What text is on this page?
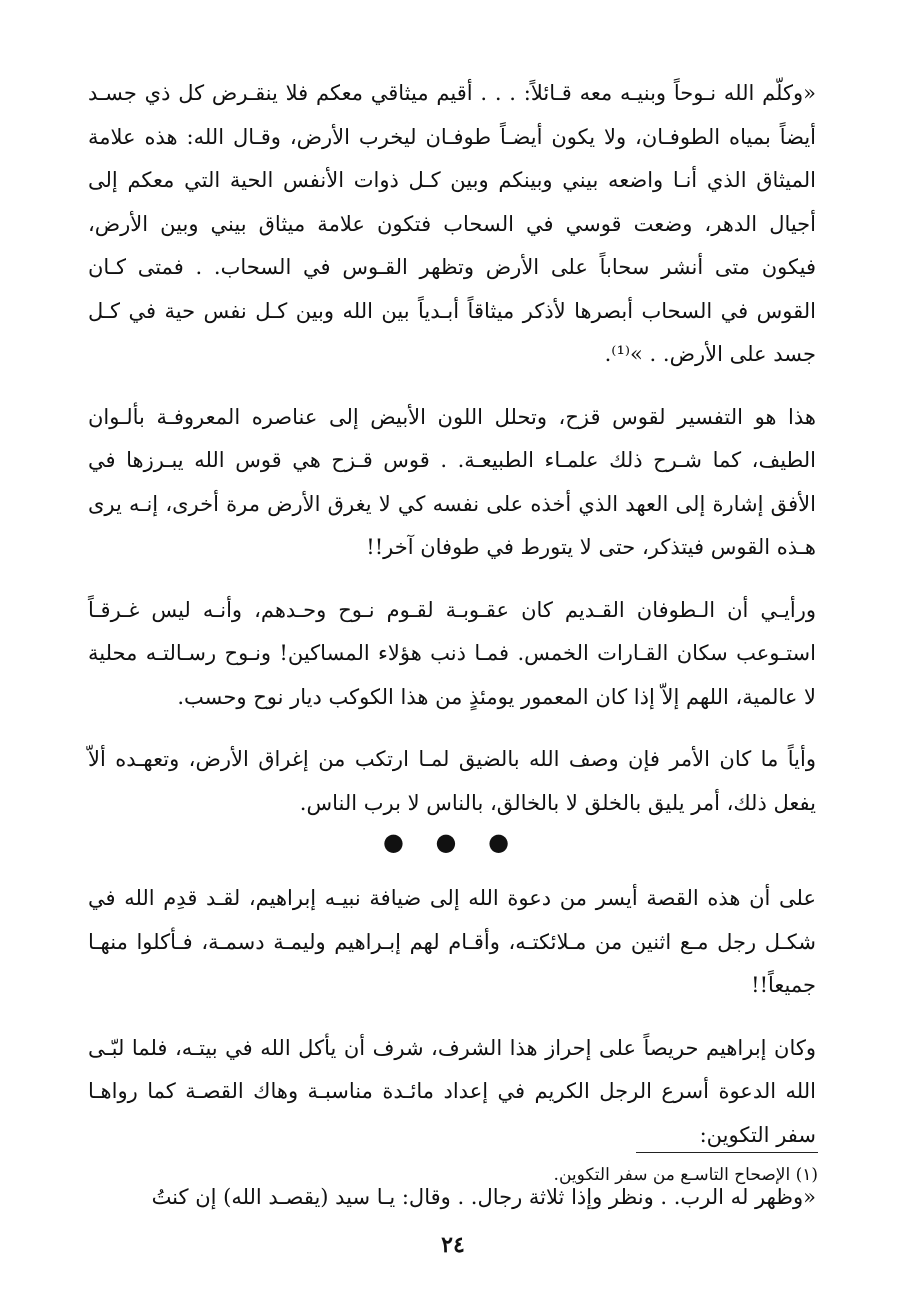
«وكلّم الله نـوحاً وبنيـه معه قـائلاً: . . . أقيم ميثاقي معكم فلا ينقـرض كل ذي جسـد أيضاً بمياه الطوفـان، ولا يكون أيضـاً طوفـان ليخرب الأرض، وقـال الله: هذه علامة الميثاق الذي أنـا واضعه بيني وبينكم وبين كـل ذوات الأنفس الحية التي معكم إلى أجيال الدهر، وضعت قوسي في السحاب فتكون علامة ميثاق بيني وبين الأرض، فيكون متى أنشر سحاباً على الأرض وتظهر القـوس في السحاب. . فمتى كـان القوس في السحاب أبصرها لأذكر ميثاقاً أبـدياً بين الله وبين كـل نفس حية في كـل جسد على الأرض. . »⁽¹⁾.

هذا هو التفسير لقوس قزح، وتحلل اللون الأبيض إلى عناصره المعروفـة بألـوان الطيف، كما شـرح ذلك علمـاء الطبيعـة. . قوس قـزح هي قوس الله يبـرزها في الأفق إشارة إلى العهد الذي أخذه على نفسه كي لا يغرق الأرض مرة أخرى، إنـه يرى هـذه القوس فيتذكر، حتى لا يتورط في طوفان آخر!!

ورأيـي أن الـطوفان القـديم كان عقـوبـة لقـوم نـوح وحـدهم، وأنـه ليس غـرقـاً استـوعب سكان القـارات الخمس. فمـا ذنب هؤلاء المساكين! ونـوح رسـالتـه محلية لا عالمية، اللهم إلاّ إذا كان المعمور يومئذٍ من هذا الكوكب ديار نوح وحسب.

وأياً ما كان الأمر فإن وصف الله بالضيق لمـا ارتكب من إغراق الأرض، وتعهـده ألاّ يفعل ذلك، أمر يليق بالخلق لا بالخالق، بالناس لا برب الناس.

● ● ●

على أن هذه القصة أيسر من دعوة الله إلى ضيافة نبيـه إبراهيم، لقـد قدِم الله في شكـل رجل مـع اثنين من مـلائكتـه، وأقـام لهم إبـراهيم وليمـة دسمـة، فـأكلوا منهـا جميعاً!!

وكان إبراهيم حريصاً على إحراز هذا الشرف، شرف أن يأكل الله في بيتـه، فلما لبّـى الله الدعوة أسرع الرجل الكريم في إعداد مائـدة مناسبـة وهاك القصـة كما رواهـا سفر التكوين:

«وظهر له الرب. . ونظر وإذا ثلاثة رجال. . وقال: يـا سيد (يقصـد الله) إن كنتُ

(١) الإصحاح التاسـع من سفر التكوين.
٢٤
